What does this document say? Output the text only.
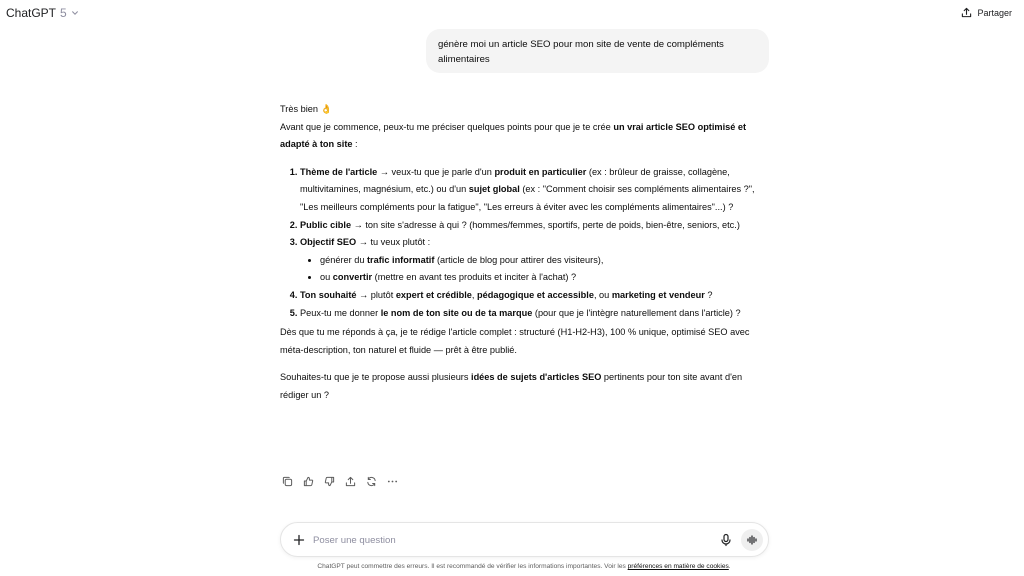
ChatGPT 5	Partager
génère moi un article SEO pour mon site de vente de compléments alimentaires

Très bien 👌

Avant que je commence, peux-tu me préciser quelques points pour que je te crée un vrai article SEO optimisé et adapté à ton site :

1. Thème de l'article → veux-tu que je parle d'un produit en particulier (ex : brûleur de graisse, collagène, multivitamines, magnésium, etc.) ou d'un sujet global (ex : "Comment choisir ses compléments alimentaires ?", "Les meilleurs compléments pour la fatigue", "Les erreurs à éviter avec les compléments alimentaires"...) ?
2. Public cible → ton site s'adresse à qui ? (hommes/femmes, sportifs, perte de poids, bien-être, seniors, etc.)
3. Objectif SEO → tu veux plutôt :
• générer du trafic informatif (article de blog pour attirer des visiteurs),
• ou convertir (mettre en avant tes produits et inciter à l'achat) ?
4. Ton souhaité → plutôt expert et crédible, pédagogique et accessible, ou marketing et vendeur ?
5. Peux-tu me donner le nom de ton site ou de ta marque (pour que je l'intègre naturellement dans l'article) ?

Dès que tu me réponds à ça, je te rédige l'article complet : structuré (H1-H2-H3), 100 % unique, optimisé SEO avec méta-description, ton naturel et fluide — prêt à être publié.

Souhaites-tu que je te propose aussi plusieurs idées de sujets d'articles SEO pertinents pour ton site avant d'en rédiger un ?

Poser une question
ChatGPT peut commettre des erreurs. Il est recommandé de vérifier les informations importantes. Voir les préférences en matière de cookies.
